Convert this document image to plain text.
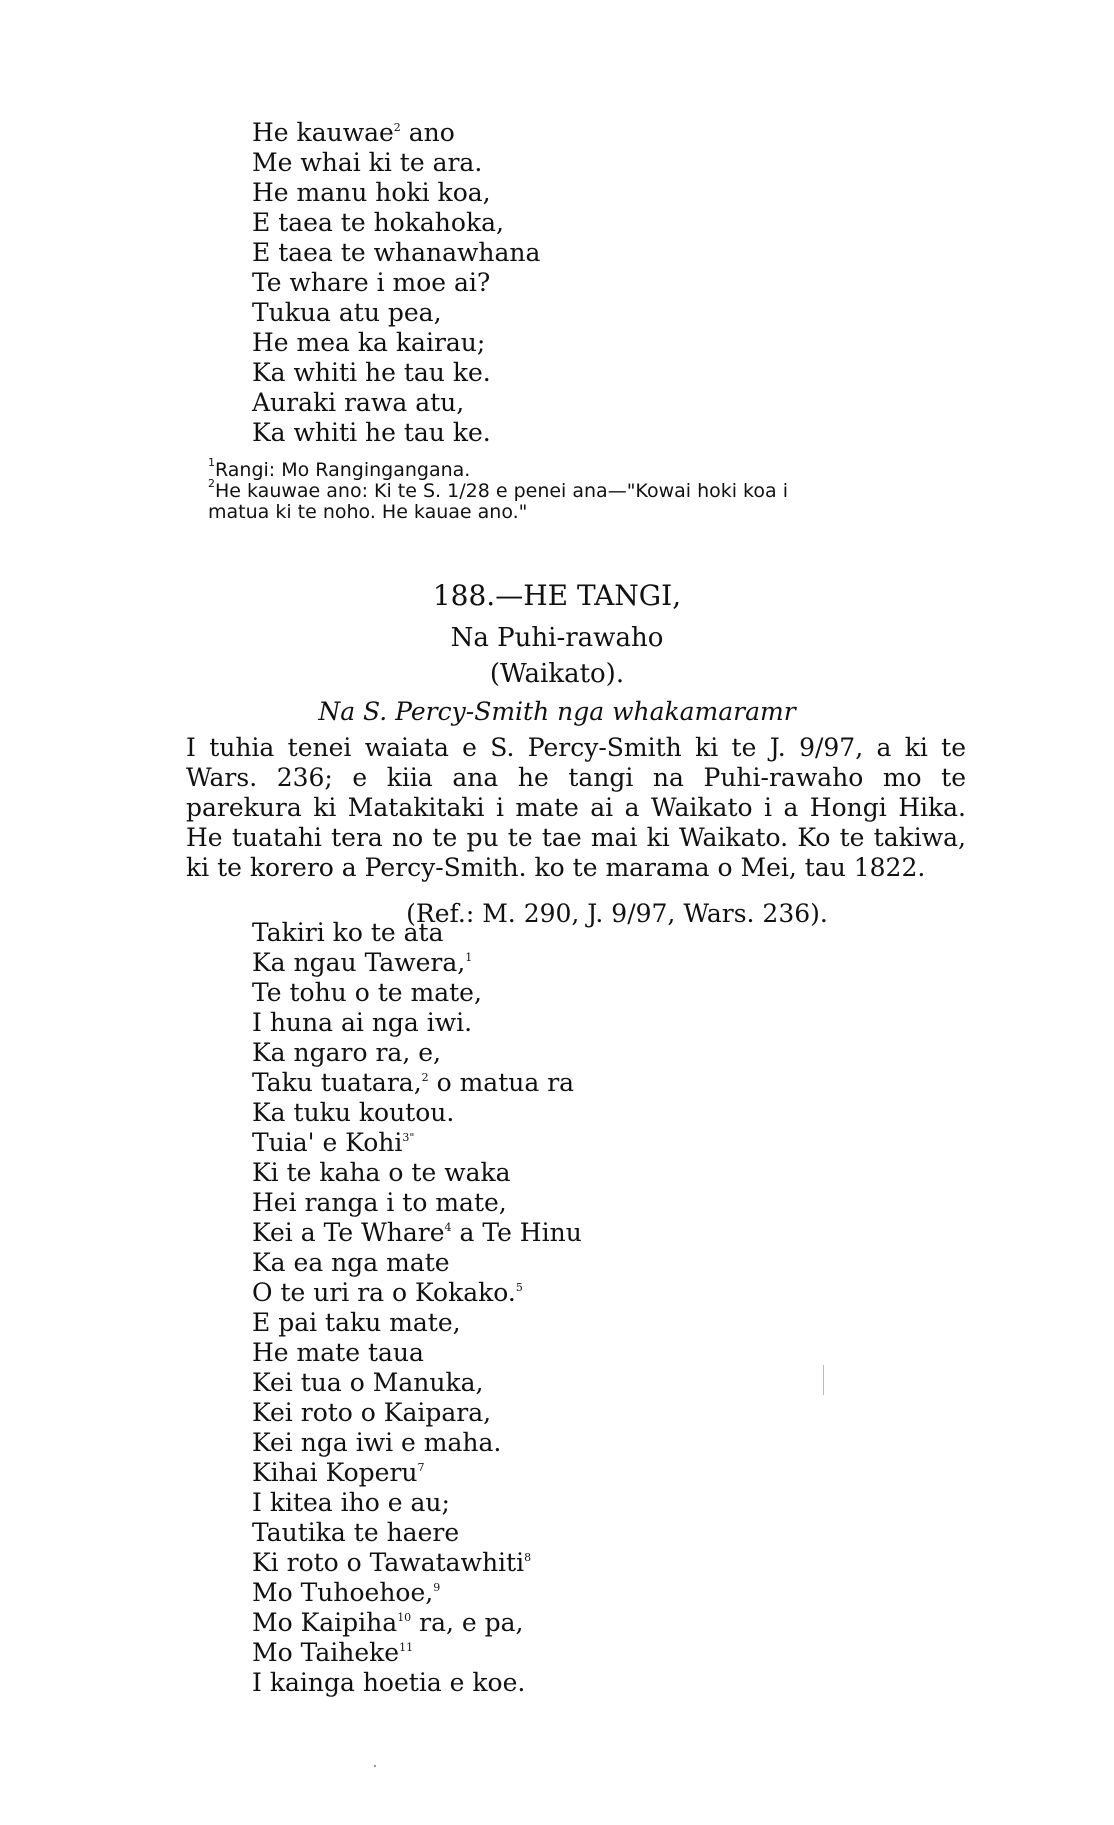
He kauwae$^2$ ano
Me whai ki te ara.
He manu hoki koa,
E taea te hokahoka,
E taea te whanawhana
Te whare i moe ai?
Tukua atu pea,
He mea ka kairau;
Ka whiti he tau ke.
Auraki rawa atu,
Ka whiti he tau ke.
$^1$Rangi: Mo Rangingangana.
$^2$He kauwae ano: Ki te S. 1/28 e penei ana—"Kowai hoki koa i
matua ki te noho. He kauae ano."
188.—HE TANGI,
Na Puhi-rawaho
(Waikato).
Na S. Percy-Smith nga whakamaramr
I tuhia tenei waiata e S. Percy-Smith ki te J. 9/97, a ki te Wars. 236; e kiia ana he tangi na Puhi-rawaho mo te parekura ki Matakitaki i mate ai a Waikato i a Hongi Hika. He tuatahi tera no te pu te tae mai ki Waikato. Ko te takiwa, ki te korero a Percy-Smith. ko te marama o Mei, tau 1822.
(Ref.: M. 290, J. 9/97, Wars. 236).
Takiri ko te ata
Ka ngau Tawera,$^1$
Te tohu o te mate,
I huna ai nga iwi.
Ka ngaro ra, e,
Taku tuatara,$^2$ o matua ra
Ka tuku koutou.
Tuia' e Kohi$^{3"}$
Ki te kaha o te waka
Hei ranga i to mate,
Kei a Te Whare$^4$ a Te Hinu
Ka ea nga mate
O te uri ra o Kokako.$^5$
E pai taku mate,
He mate taua
Kei tua o Manuka,
Kei roto o Kaipara,
Kei nga iwi e maha.
Kihai Koperu$^7$
I kitea iho e au;
Tautika te haere
Ki roto o Tawatawhiti$^8$
Mo Tuhoehoe,$^9$
Mo Kaipiha$^{10}$ ra, e pa,
Mo Taiheke$^{11}$
I kainga hoetia e koe.
